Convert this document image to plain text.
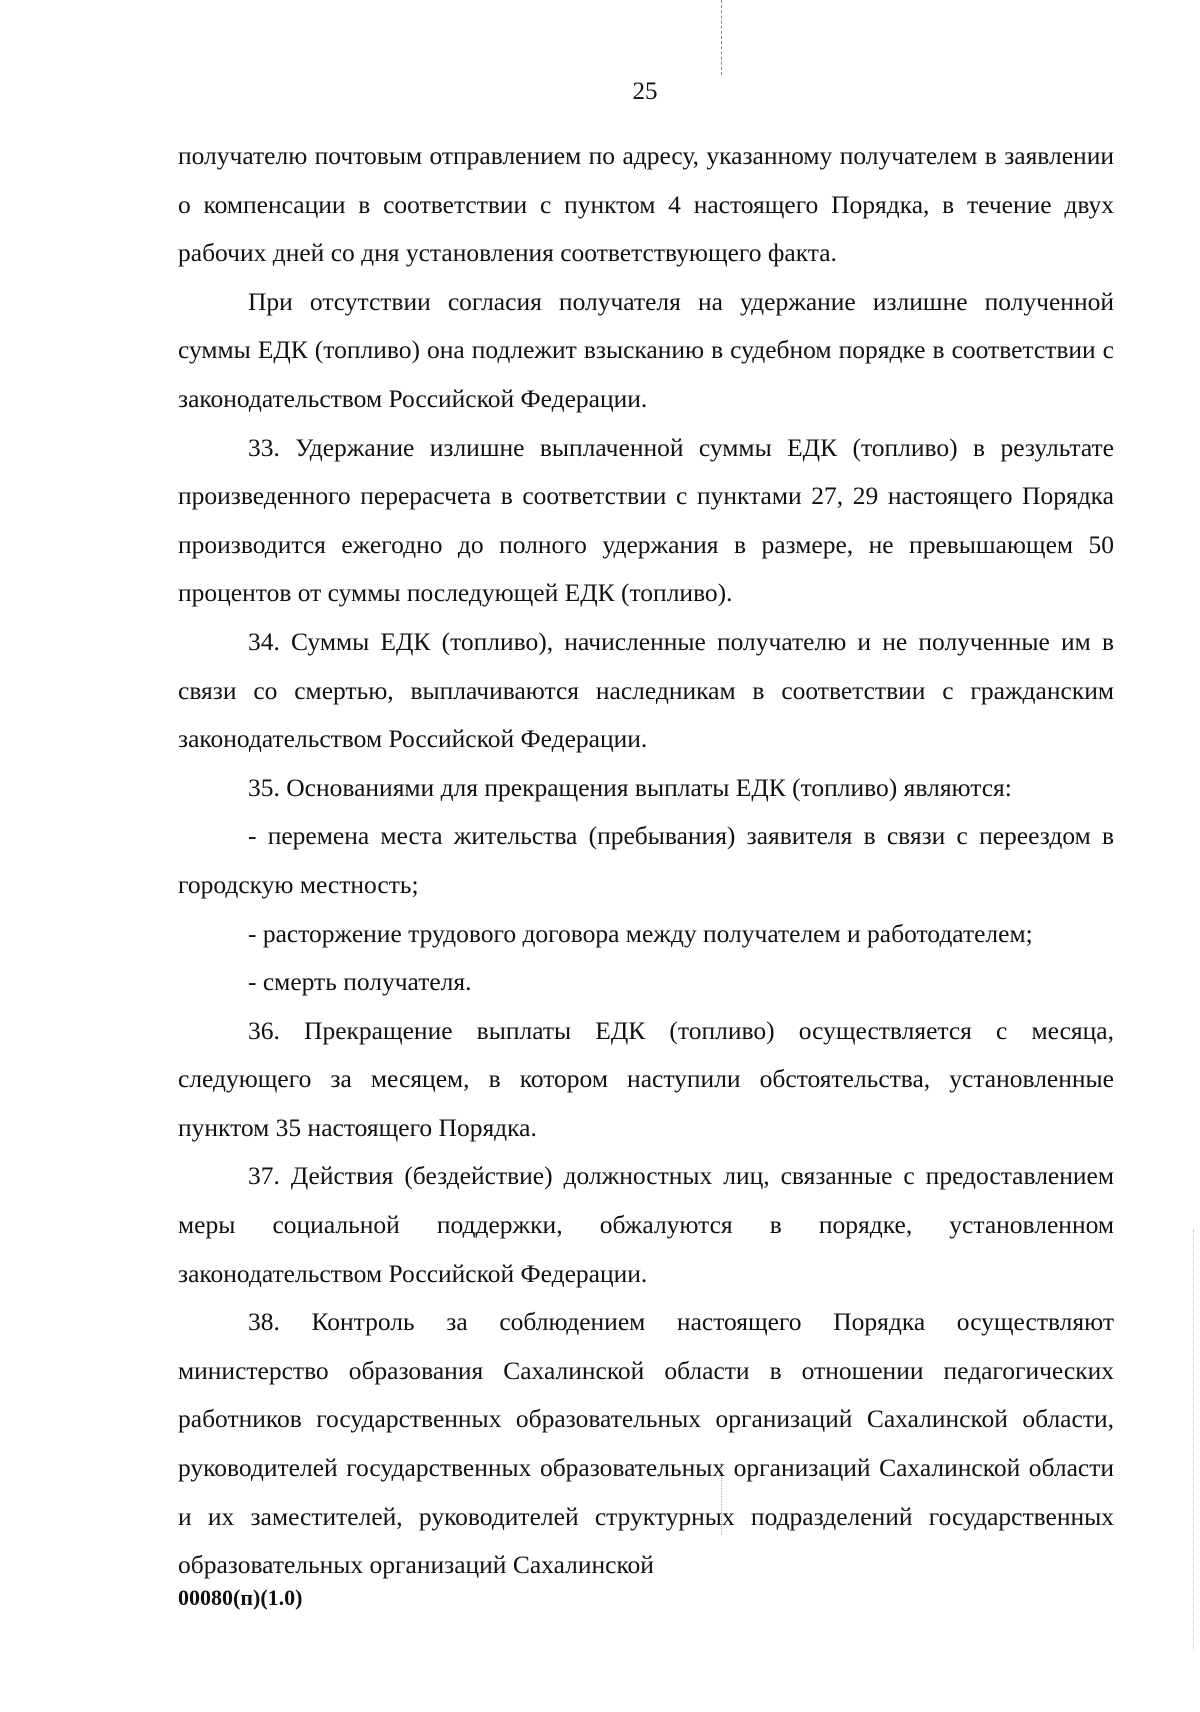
25

получателю почтовым отправлением по адресу, указанному получателем в заявлении о компенсации в соответствии с пунктом 4 настоящего Порядка, в течение двух рабочих дней со дня установления соответствующего факта.

При отсутствии согласия получателя на удержание излишне полученной суммы ЕДК (топливо) она подлежит взысканию в судебном порядке в соответствии с законодательством Российской Федерации.

33. Удержание излишне выплаченной суммы ЕДК (топливо) в результате произведенного перерасчета в соответствии с пунктами 27, 29 настоящего Порядка производится ежегодно до полного удержания в размере, не превышающем 50 процентов от суммы последующей ЕДК (топливо).

34. Суммы ЕДК (топливо), начисленные получателю и не полученные им в связи со смертью, выплачиваются наследникам в соответствии с гражданским законодательством Российской Федерации.

35. Основаниями для прекращения выплаты ЕДК (топливо) являются:

- перемена места жительства (пребывания) заявителя в связи с переездом в городскую местность;

- расторжение трудового договора между получателем и работодателем;

- смерть получателя.

36. Прекращение выплаты ЕДК (топливо) осуществляется с месяца, следующего за месяцем, в котором наступили обстоятельства, установленные пунктом 35 настоящего Порядка.

37. Действия (бездействие) должностных лиц, связанные с предоставлением меры социальной поддержки, обжалуются в порядке, установленном законодательством Российской Федерации.

38. Контроль за соблюдением настоящего Порядка осуществляют министерство образования Сахалинской области в отношении педагогических работников государственных образовательных организаций Сахалинской области, руководителей государственных образовательных организаций Сахалинской области и их заместителей, руководителей структурных подразделений государственных образовательных организаций Сахалинской

00080(п)(1.0)
